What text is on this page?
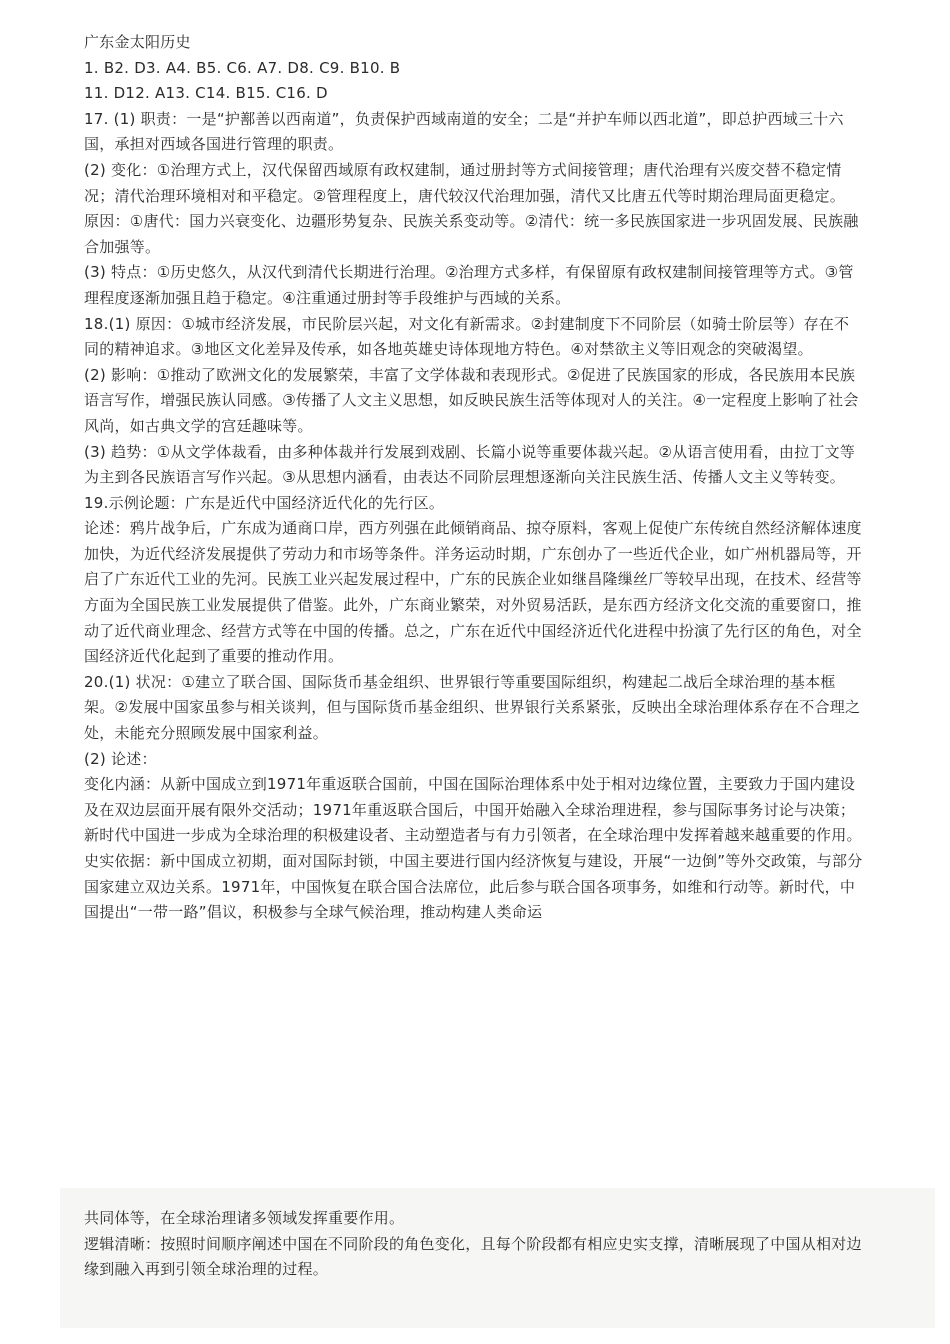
广东金太阳历史

1. B2. D3. A4. B5. C6. A7. D8. C9. B10. B

11. D12. A13. C14. B15. C16. D

17. (1) 职责：一是“护鄯善以西南道”，负责保护西域南道的安全；二是“并护车师以西北道”，即总护西域三十六国，承担对西域各国进行管理的职责。

(2) 变化：①治理方式上，汉代保留西域原有政权建制，通过册封等方式间接管理；唐代治理有兴废交替不稳定情况；清代治理环境相对和平稳定。②管理程度上，唐代较汉代治理加强，清代又比唐五代等时期治理局面更稳定。

原因：①唐代：国力兴衰变化、边疆形势复杂、民族关系变动等。②清代：统一多民族国家进一步巩固发展、民族融合加强等。

(3) 特点：①历史悠久，从汉代到清代长期进行治理。②治理方式多样，有保留原有政权建制间接管理等方式。③管理程度逐渐加强且趋于稳定。④注重通过册封等手段维护与西域的关系。

18.(1) 原因：①城市经济发展，市民阶层兴起，对文化有新需求。②封建制度下不同阶层（如骑士阶层等）存在不同的精神追求。③地区文化差异及传承，如各地英雄史诗体现地方特色。④对禁欲主义等旧观念的突破渴望。

(2) 影响：①推动了欧洲文化的发展繁荣，丰富了文学体裁和表现形式。②促进了民族国家的形成，各民族用本民族语言写作，增强民族认同感。③传播了人文主义思想，如反映民族生活等体现对人的关注。④一定程度上影响了社会风尚，如古典文学的宫廷趣味等。

(3) 趋势：①从文学体裁看，由多种体裁并行发展到戏剧、长篇小说等重要体裁兴起。②从语言使用看，由拉丁文等为主到各民族语言写作兴起。③从思想内涵看，由表达不同阶层理想逐渐向关注民族生活、传播人文主义等转变。

19.示例论题：广东是近代中国经济近代化的先行区。

论述：鸦片战争后，广东成为通商口岸，西方列强在此倾销商品、掠夺原料，客观上促使广东传统自然经济解体速度加快，为近代经济发展提供了劳动力和市场等条件。洋务运动时期，广东创办了一些近代企业，如广州机器局等，开启了广东近代工业的先河。民族工业兴起发展过程中，广东的民族企业如继昌隆缫丝厂等较早出现，在技术、经营等方面为全国民族工业发展提供了借鉴。此外，广东商业繁荣，对外贸易活跃，是东西方经济文化交流的重要窗口，推动了近代商业理念、经营方式等在中国的传播。总之，广东在近代中国经济近代化进程中扮演了先行区的角色，对全国经济近代化起到了重要的推动作用。

20.(1) 状况：①建立了联合国、国际货币基金组织、世界银行等重要国际组织，构建起二战后全球治理的基本框架。②发展中国家虽参与相关谈判，但与国际货币基金组织、世界银行关系紧张，反映出全球治理体系存在不合理之处，未能充分照顾发展中国家利益。

(2) 论述：

变化内涵：从新中国成立到1971年重返联合国前，中国在国际治理体系中处于相对边缘位置，主要致力于国内建设及在双边层面开展有限外交活动；1971年重返联合国后，中国开始融入全球治理进程，参与国际事务讨论与决策；新时代中国进一步成为全球治理的积极建设者、主动塑造者与有力引领者，在全球治理中发挥着越来越重要的作用。

史实依据：新中国成立初期，面对国际封锁，中国主要进行国内经济恢复与建设，开展“一边倒”等外交政策，与部分国家建立双边关系。1971年，中国恢复在联合国合法席位，此后参与联合国各项事务，如维和行动等。新时代，中国提出“一带一路”倡议，积极参与全球气候治理，推动构建人类命运

共同体等，在全球治理诸多领域发挥重要作用。

逻辑清晰：按照时间顺序阐述中国在不同阶段的角色变化，且每个阶段都有相应史实支撑，清晰展现了中国从相对边缘到融入再到引领全球治理的过程。
